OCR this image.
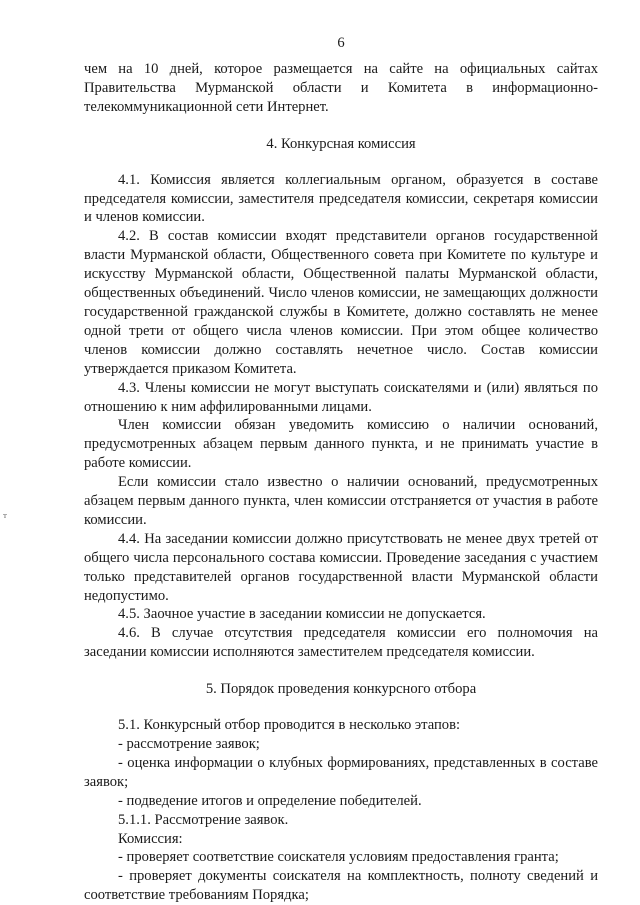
ᵀ

6

чем на 10 дней, которое размещается на сайте на официальных сайтах Правительства Мурманской области и Комитета в информационно-телекоммуникационной сети Интернет.

4. Конкурсная комиссия

4.1. Комиссия является коллегиальным органом, образуется в составе председателя комиссии, заместителя председателя комиссии, секретаря комиссии и членов комиссии.

4.2. В состав комиссии входят представители органов государственной власти Мурманской области, Общественного совета при Комитете по культуре и искусству Мурманской области, Общественной палаты Мурманской области, общественных объединений. Число членов комиссии, не замещающих должности государственной гражданской службы в Комитете, должно составлять не менее одной трети от общего числа членов комиссии. При этом общее количество членов комиссии должно составлять нечетное число. Состав комиссии утверждается приказом Комитета.

4.3. Члены комиссии не могут выступать соискателями и (или) являться по отношению к ним аффилированными лицами.

Член комиссии обязан уведомить комиссию о наличии оснований, предусмотренных абзацем первым данного пункта, и не принимать участие в работе комиссии.

Если комиссии стало известно о наличии оснований, предусмотренных абзацем первым данного пункта, член комиссии отстраняется от участия в работе комиссии.

4.4. На заседании комиссии должно присутствовать не менее двух третей от общего числа персонального состава комиссии. Проведение заседания с участием только представителей органов государственной власти Мурманской области недопустимо.

4.5. Заочное участие в заседании комиссии не допускается.

4.6. В случае отсутствия председателя комиссии его полномочия на заседании комиссии исполняются заместителем председателя комиссии.

5. Порядок проведения конкурсного отбора

5.1. Конкурсный отбор проводится в несколько этапов:

- рассмотрение заявок;

- оценка информации о клубных формированиях, представленных в составе заявок;

- подведение итогов и определение победителей.

5.1.1. Рассмотрение заявок.

Комиссия:

- проверяет соответствие соискателя условиям предоставления гранта;

- проверяет документы соискателя на комплектность, полноту сведений и соответствие требованиям Порядка;
